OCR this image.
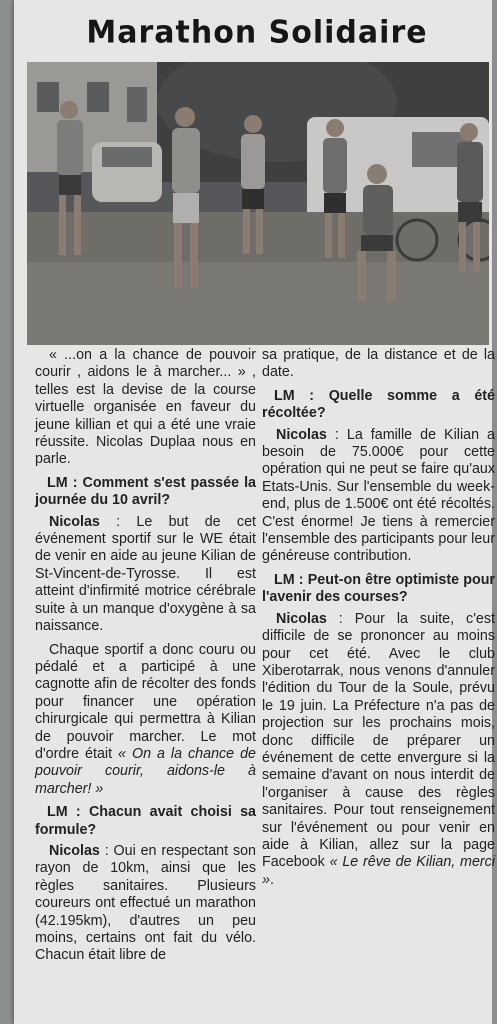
Marathon Solidaire

« ...on a la chance de pouvoir courir , aidons le à marcher... » , telles est la devise de la course virtuelle organisée en faveur du jeune killian et qui a été une vraie réussite. Nicolas Duplaa nous en parle.

LM : Comment s'est passée la journée du 10 avril?

Nicolas : Le but de cet événement sportif sur le WE était de venir en aide au jeune Kilian de St-Vincent-de-Tyrosse. Il est atteint d'infirmité motrice cérébrale suite à un manque d'oxygène à sa naissance.

Chaque sportif a donc couru ou pédalé et a participé à une cagnotte afin de récolter des fonds pour financer une opération chirurgicale qui permettra à Kilian de pouvoir marcher. Le mot d'ordre était « On a la chance de pouvoir courir, aidons-le à marcher! »

LM : Chacun avait choisi sa formule?

Nicolas : Oui en respectant son rayon de 10km, ainsi que les règles sanitaires. Plusieurs coureurs ont effectué un marathon (42.195km), d'autres un peu moins, certains ont fait du vélo. Chacun était libre de

sa pratique, de la distance et de la date.

LM : Quelle somme a été récoltée?

Nicolas : La famille de Kilian a besoin de 75.000€ pour cette opération qui ne peut se faire qu'aux Etats-Unis. Sur l'ensemble du week-end, plus de 1.500€ ont été récoltés. C'est énorme! Je tiens à remercier l'ensemble des participants pour leur généreuse contribution.

LM : Peut-on être optimiste pour l'avenir des courses?

Nicolas : Pour la suite, c'est difficile de se prononcer au moins pour cet été. Avec le club Xiberotarrak, nous venons d'annuler l'édition du Tour de la Soule, prévu le 19 juin. La Préfecture n'a pas de projection sur les prochains mois, donc difficile de préparer un événement de cette envergure si la semaine d'avant on nous interdit de l'organiser à cause des règles sanitaires. Pour tout renseignement sur l'événement ou pour venir en aide à Kilian, allez sur la page Facebook « Le rêve de Kilian, merci ».
